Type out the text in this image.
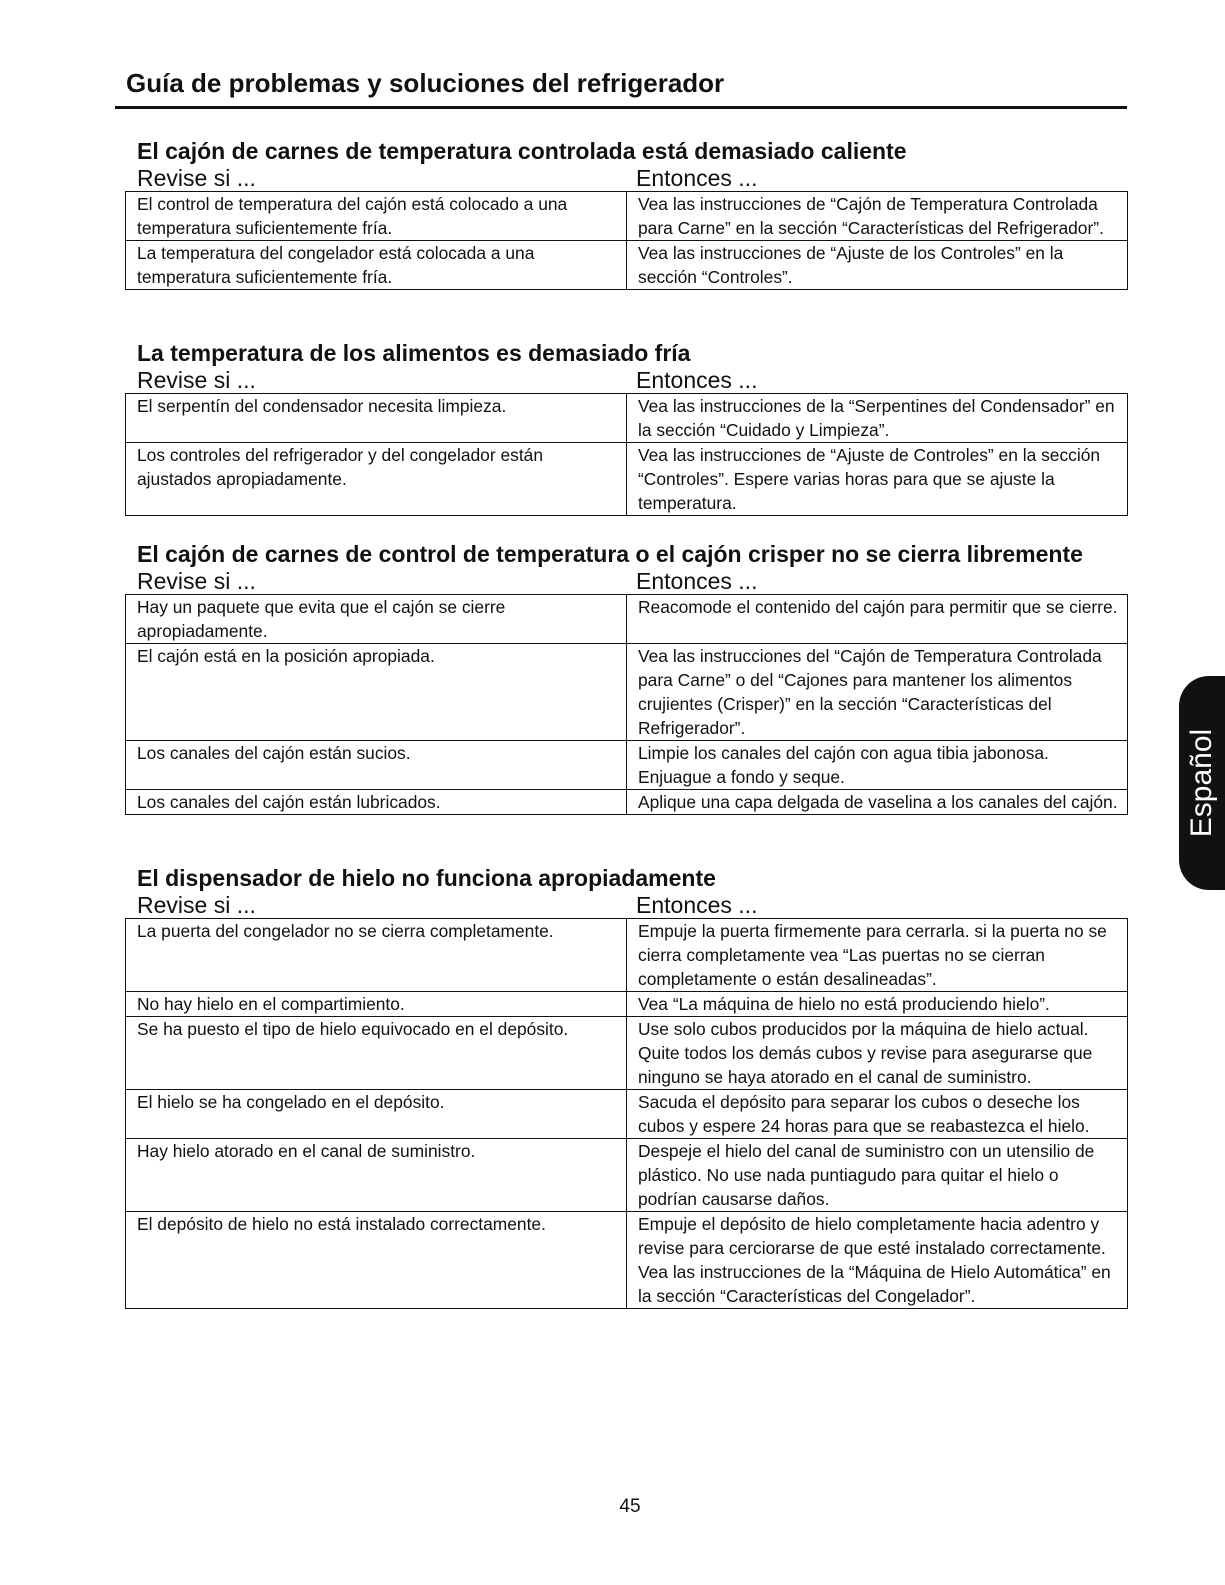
Guía de problemas y soluciones del refrigerador
El cajón de carnes de temperatura controlada está demasiado caliente
Revise si ...	Entonces ...
El control de temperatura del cajón está colocado a una temperatura suficientemente fría.	Vea las instrucciones de “Cajón de Temperatura Controlada para Carne” en la sección “Características del Refrigerador”.
La temperatura del congelador está colocada a una temperatura suficientemente fría.	Vea las instrucciones de “Ajuste de los Controles” en la sección “Controles”.
La temperatura de los alimentos es demasiado fría
Revise si ...	Entonces ...
El serpentín del condensador necesita limpieza.	Vea las instrucciones de la “Serpentines del Condensador” en la sección “Cuidado y Limpieza”.
Los controles del refrigerador y del congelador están ajustados apropiadamente.	Vea las instrucciones de “Ajuste de Controles” en la sección “Controles”. Espere varias horas para que se ajuste la temperatura.
El cajón de carnes de control de temperatura o el cajón crisper no se cierra libremente
Revise si ...	Entonces ...
Hay un paquete que evita que el cajón se cierre apropiadamente.	Reacomode el contenido del cajón para permitir que se cierre.
El cajón está en la posición apropiada.	Vea las instrucciones del “Cajón de Temperatura Controlada para Carne” o del “Cajones para mantener los alimentos crujientes (Crisper)” en la sección “Características del Refrigerador”.
Los canales del cajón están sucios.	Limpie los canales del cajón con agua tibia jabonosa. Enjuague a fondo y seque.
Los canales del cajón están lubricados.	Aplique una capa delgada de vaselina a los canales del cajón.
El dispensador de hielo no funciona apropiadamente
Revise si ...	Entonces ...
La puerta del congelador no se cierra completamente.	Empuje la puerta firmemente para cerrarla. si la puerta no se cierra completamente vea “Las puertas no se cierran completamente o están desalineadas”.
No hay hielo en el compartimiento.	Vea “La máquina de hielo no está produciendo hielo”.
Se ha puesto el tipo de hielo equivocado en el depósito.	Use solo cubos producidos por la máquina de hielo actual. Quite todos los demás cubos y revise para asegurarse que ninguno se haya atorado en el canal de suministro.
El hielo se ha congelado en el depósito.	Sacuda el depósito para separar los cubos o deseche los cubos y espere 24 horas para que se reabastezca el hielo.
Hay hielo atorado en el canal de suministro.	Despeje el hielo del canal de suministro con un utensilio de plástico. No use nada puntiagudo para quitar el hielo o podrían causarse daños.
El depósito de hielo no está instalado correctamente.	Empuje el depósito de hielo completamente hacia adentro y revise para cerciorarse de que esté instalado correctamente. Vea las instrucciones de la “Máquina de Hielo Automática” en la sección “Características del Congelador”.
Español
45
